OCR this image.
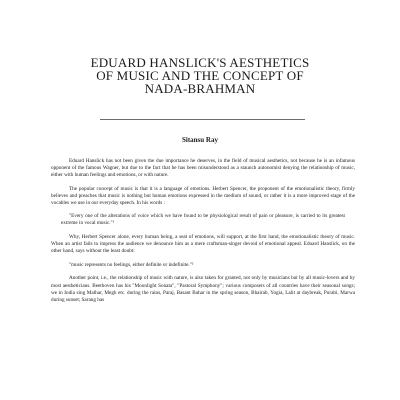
EDUARD HANSLICK'S AESTHETICS
OF MUSIC AND THE CONCEPT OF
NADA-BRAHMAN
Sitansu Ray

Eduard Hanslick has not been given the due importance he deserves, in the field of musical aesthetics, not because he is an infamous opponent of the famous Wagner, but due to the fact that he has been misunderstood as a staunch autonomist denying the relationship of music, either with human feelings and emotions, or with nature.

The popular concept of music is that it is a language of emotions. Herbert Spencer, the proponent of the emotionalistic theory, firmly believes and preaches that music is nothing but human emotions expressed in the medium of sound, or rather it is a more improved stage of the vocables we use in our everyday speech. In his words :

"Every one of the alterations of voice which we have found to be physiological result of pain or pleasure, is carried to its greatest extreme in vocal music."¹

Why, Herbert Spencer alone, every human being, a seat of emotions, will support, at the first hand, the emotionalistic theory of music. When an artist fails to impress the audience we denounce him as a mere craftsman-singer devoid of emotional appeal. Eduard Hanslick, on the other hand, says without the least doubt:

"music represents no feelings, either definite or indefinite."²

Another point, i.e., the relationship of music with nature, is also taken for granted, not only by musicians but by all music-lovers and by most aestheticians. Beethoven has his "Moonlight Sonata", "Pastoral Symphony"; various composers of all countries have their seasonal songs; we in India sing Malhar, Megh etc. during the rains, Paraj, Basant Bahar in the spring season, Bhairab, Yogia, Lalit at daybreak, Purabi, Marwa during sunset; Sarang has
